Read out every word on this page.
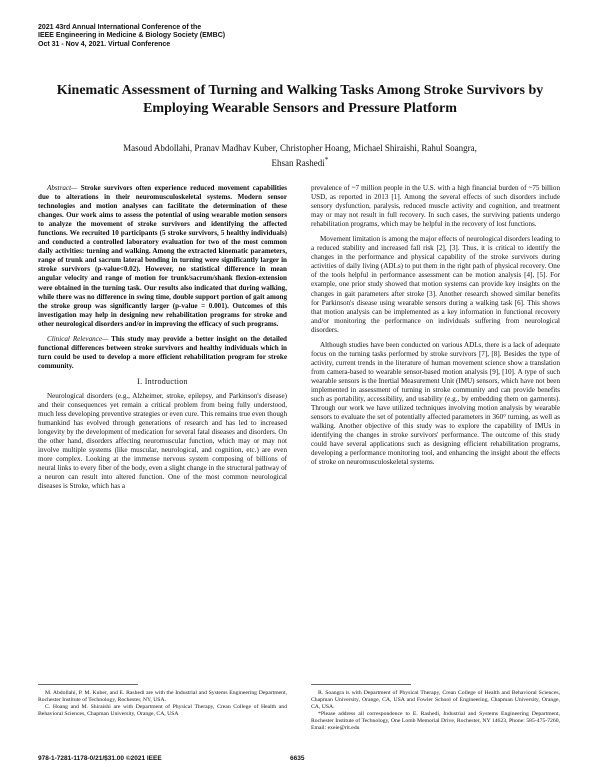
2021 43rd Annual International Conference of the
IEEE Engineering in Medicine & Biology Society (EMBC)
Oct 31 - Nov 4, 2021. Virtual Conference
Kinematic Assessment of Turning and Walking Tasks Among Stroke Survivors by Employing Wearable Sensors and Pressure Platform
Masoud Abdollahi, Pranav Madhav Kuber, Christopher Hoang, Michael Shiraishi, Rahul Soangra,
Ehsan Rashedi*

Abstract— Stroke survivors often experience reduced movement capabilities due to alterations in their neuromusculoskeletal systems. Modern sensor technologies and motion analyses can facilitate the determination of these changes. Our work aims to assess the potential of using wearable motion sensors to analyze the movement of stroke survivors and identifying the affected functions. We recruited 10 participants (5 stroke survivors, 5 healthy individuals) and conducted a controlled laboratory evaluation for two of the most common daily activities: turning and walking. Among the extracted kinematic parameters, range of trunk and sacrum lateral bending in turning were significantly larger in stroke survivors (p-value<0.02). However, no statistical difference in mean angular velocity and range of motion for trunk/sacrum/shank flexion-extension were obtained in the turning task. Our results also indicated that during walking, while there was no difference in swing time, double support portion of gait among the stroke group was significantly larger (p-value = 0.001). Outcomes of this investigation may help in designing new rehabilitation programs for stroke and other neurological disorders and/or in improving the efficacy of such programs.

Clinical Relevance— This study may provide a better insight on the detailed functional differences between stroke survivors and healthy individuals which in turn could be used to develop a more efficient rehabilitation program for stroke community.

I. Introduction

Neurological disorders (e.g., Alzheimer, stroke, epilepsy, and Parkinson's disease) and their consequences yet remain a critical problem from being fully understood, much less developing preventive strategies or even cure. This remains true even though humankind has evolved through generations of research and has led to increased longevity by the development of medication for several fatal diseases and disorders. On the other hand, disorders affecting neuromuscular function, which may or may not involve multiple systems (like muscular, neurological, and cognition, etc.) are even more complex. Looking at the immense nervous system composing of billions of neural links to every fiber of the body, even a slight change in the structural pathway of a neuron can result into altered function. One of the most common neurological diseases is Stroke, which has a

prevalence of ~7 million people in the U.S. with a high financial burden of ~75 billion USD, as reported in 2013 [1]. Among the several effects of such disorders include sensory dysfunction, paralysis, reduced muscle activity and cognition, and treatment may or may not result in full recovery. In such cases, the surviving patients undergo rehabilitation programs, which may be helpful in the recovery of lost functions.

Movement limitation is among the major effects of neurological disorders leading to a reduced stability and increased fall risk [2], [3]. Thus, it is critical to identify the changes in the performance and physical capability of the stroke survivors during activities of daily living (ADLs) to put them in the right path of physical recovery. One of the tools helpful in performance assessment can be motion analysis [4], [5]. For example, one prior study showed that motion systems can provide key insights on the changes in gait parameters after stroke [3]. Another research showed similar benefits for Parkinson's disease using wearable sensors during a walking task [6]. This shows that motion analysis can be implemented as a key information in functional recovery and/or monitoring the performance on individuals suffering from neurological disorders.

Although studies have been conducted on various ADLs, there is a lack of adequate focus on the turning tasks performed by stroke survivors [7], [8]. Besides the type of activity, current trends in the literature of human movement science show a translation from camera-based to wearable sensor-based motion analysis [9], [10]. A type of such wearable sensors is the Inertial Measurement Unit (IMU) sensors, which have not been implemented in assessment of turning in stroke community and can provide benefits such as portability, accessibility, and usability (e.g., by embedding them on garments). Through our work we have utilized techniques involving motion analysis by wearable sensors to evaluate the set of potentially affected parameters in 360° turning, as well as walking. Another objective of this study was to explore the capability of IMUs in identifying the changes in stroke survivors' performance. The outcome of this study could have several applications such as designing efficient rehabilitation programs, developing a performance monitoring tool, and enhancing the insight about the effects of stroke on neuromusculoskeletal systems.

M. Abdollahi, P. M. Kuber, and E. Rashedi are with the Industrial and Systems Engineering Department, Rochester Institute of Technology, Rochester, NY, USA.

C. Hoang and M. Shiraishi are with Department of Physical Therapy, Crean College of Health and Behavioral Sciences, Chapman University, Orange, CA, USA

R. Soangra is with Department of Physical Therapy, Crean College of Health and Behavioral Sciences, Chapman University, Orange, CA, USA and Fowler School of Engineering, Chapman University, Orange, CA, USA.

*Please address all correspondence to E. Rashedi, Industrial and Systems Engineering Department, Rochester Institute of Technology, One Lomb Memorial Drive, Rochester, NY 14623, Phone: 585-475-7260, Email: exeie@rit.edu

978-1-7281-1178-0/21/$31.00 ©2021 IEEE	6635
